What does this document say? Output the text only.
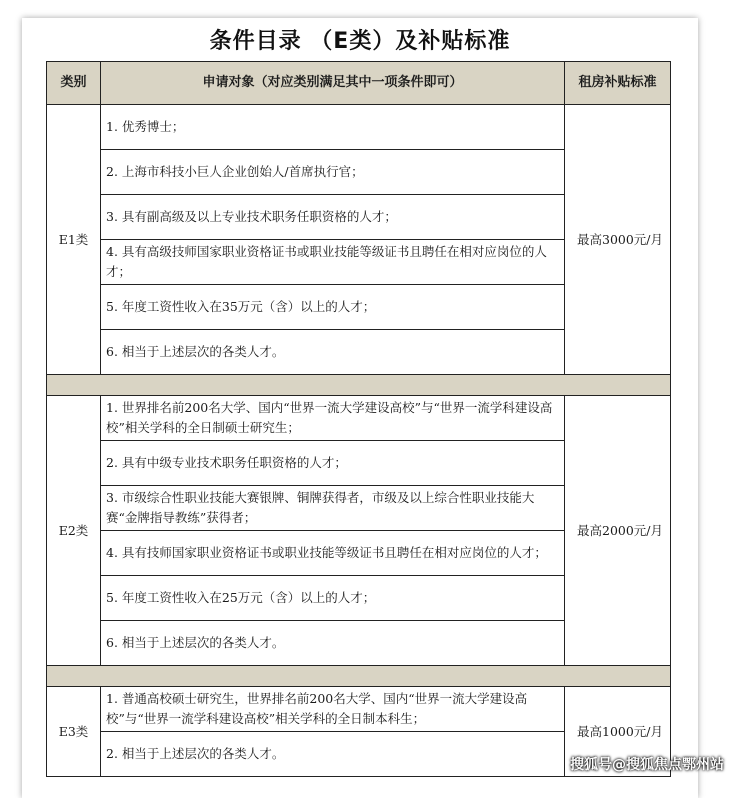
条件目录 （E类）及补贴标准
类别	申请对象（对应类别满足其中一项条件即可）	租房补贴标准
E1类	1. 优秀博士；	最高3000元/月
	2. 上海市科技小巨人企业创始人/首席执行官；	
	3. 具有副高级及以上专业技术职务任职资格的人才；	
	4. 具有高级技师国家职业资格证书或职业技能等级证书且聘任在相对应岗位的人才；	
	5. 年度工资性收入在35万元（含）以上的人才；	
	6. 相当于上述层次的各类人才。	

E2类	1. 世界排名前200名大学、国内“世界一流大学建设高校”与“世界一流学科建设高校”相关学科的全日制硕士研究生；	最高2000元/月
	2. 具有中级专业技术职务任职资格的人才；	
	3. 市级综合性职业技能大赛银牌、铜牌获得者，市级及以上综合性职业技能大赛“金牌指导教练”获得者；	
	4. 具有技师国家职业资格证书或职业技能等级证书且聘任在相对应岗位的人才；	
	5. 年度工资性收入在25万元（含）以上的人才；	
	6. 相当于上述层次的各类人才。	

E3类	1. 普通高校硕士研究生，世界排名前200名大学、国内“世界一流大学建设高校”与“世界一流学科建设高校”相关学科的全日制本科生；	最高1000元/月
	2. 相当于上述层次的各类人才。	
搜狐号@搜狐焦点鄂州站
